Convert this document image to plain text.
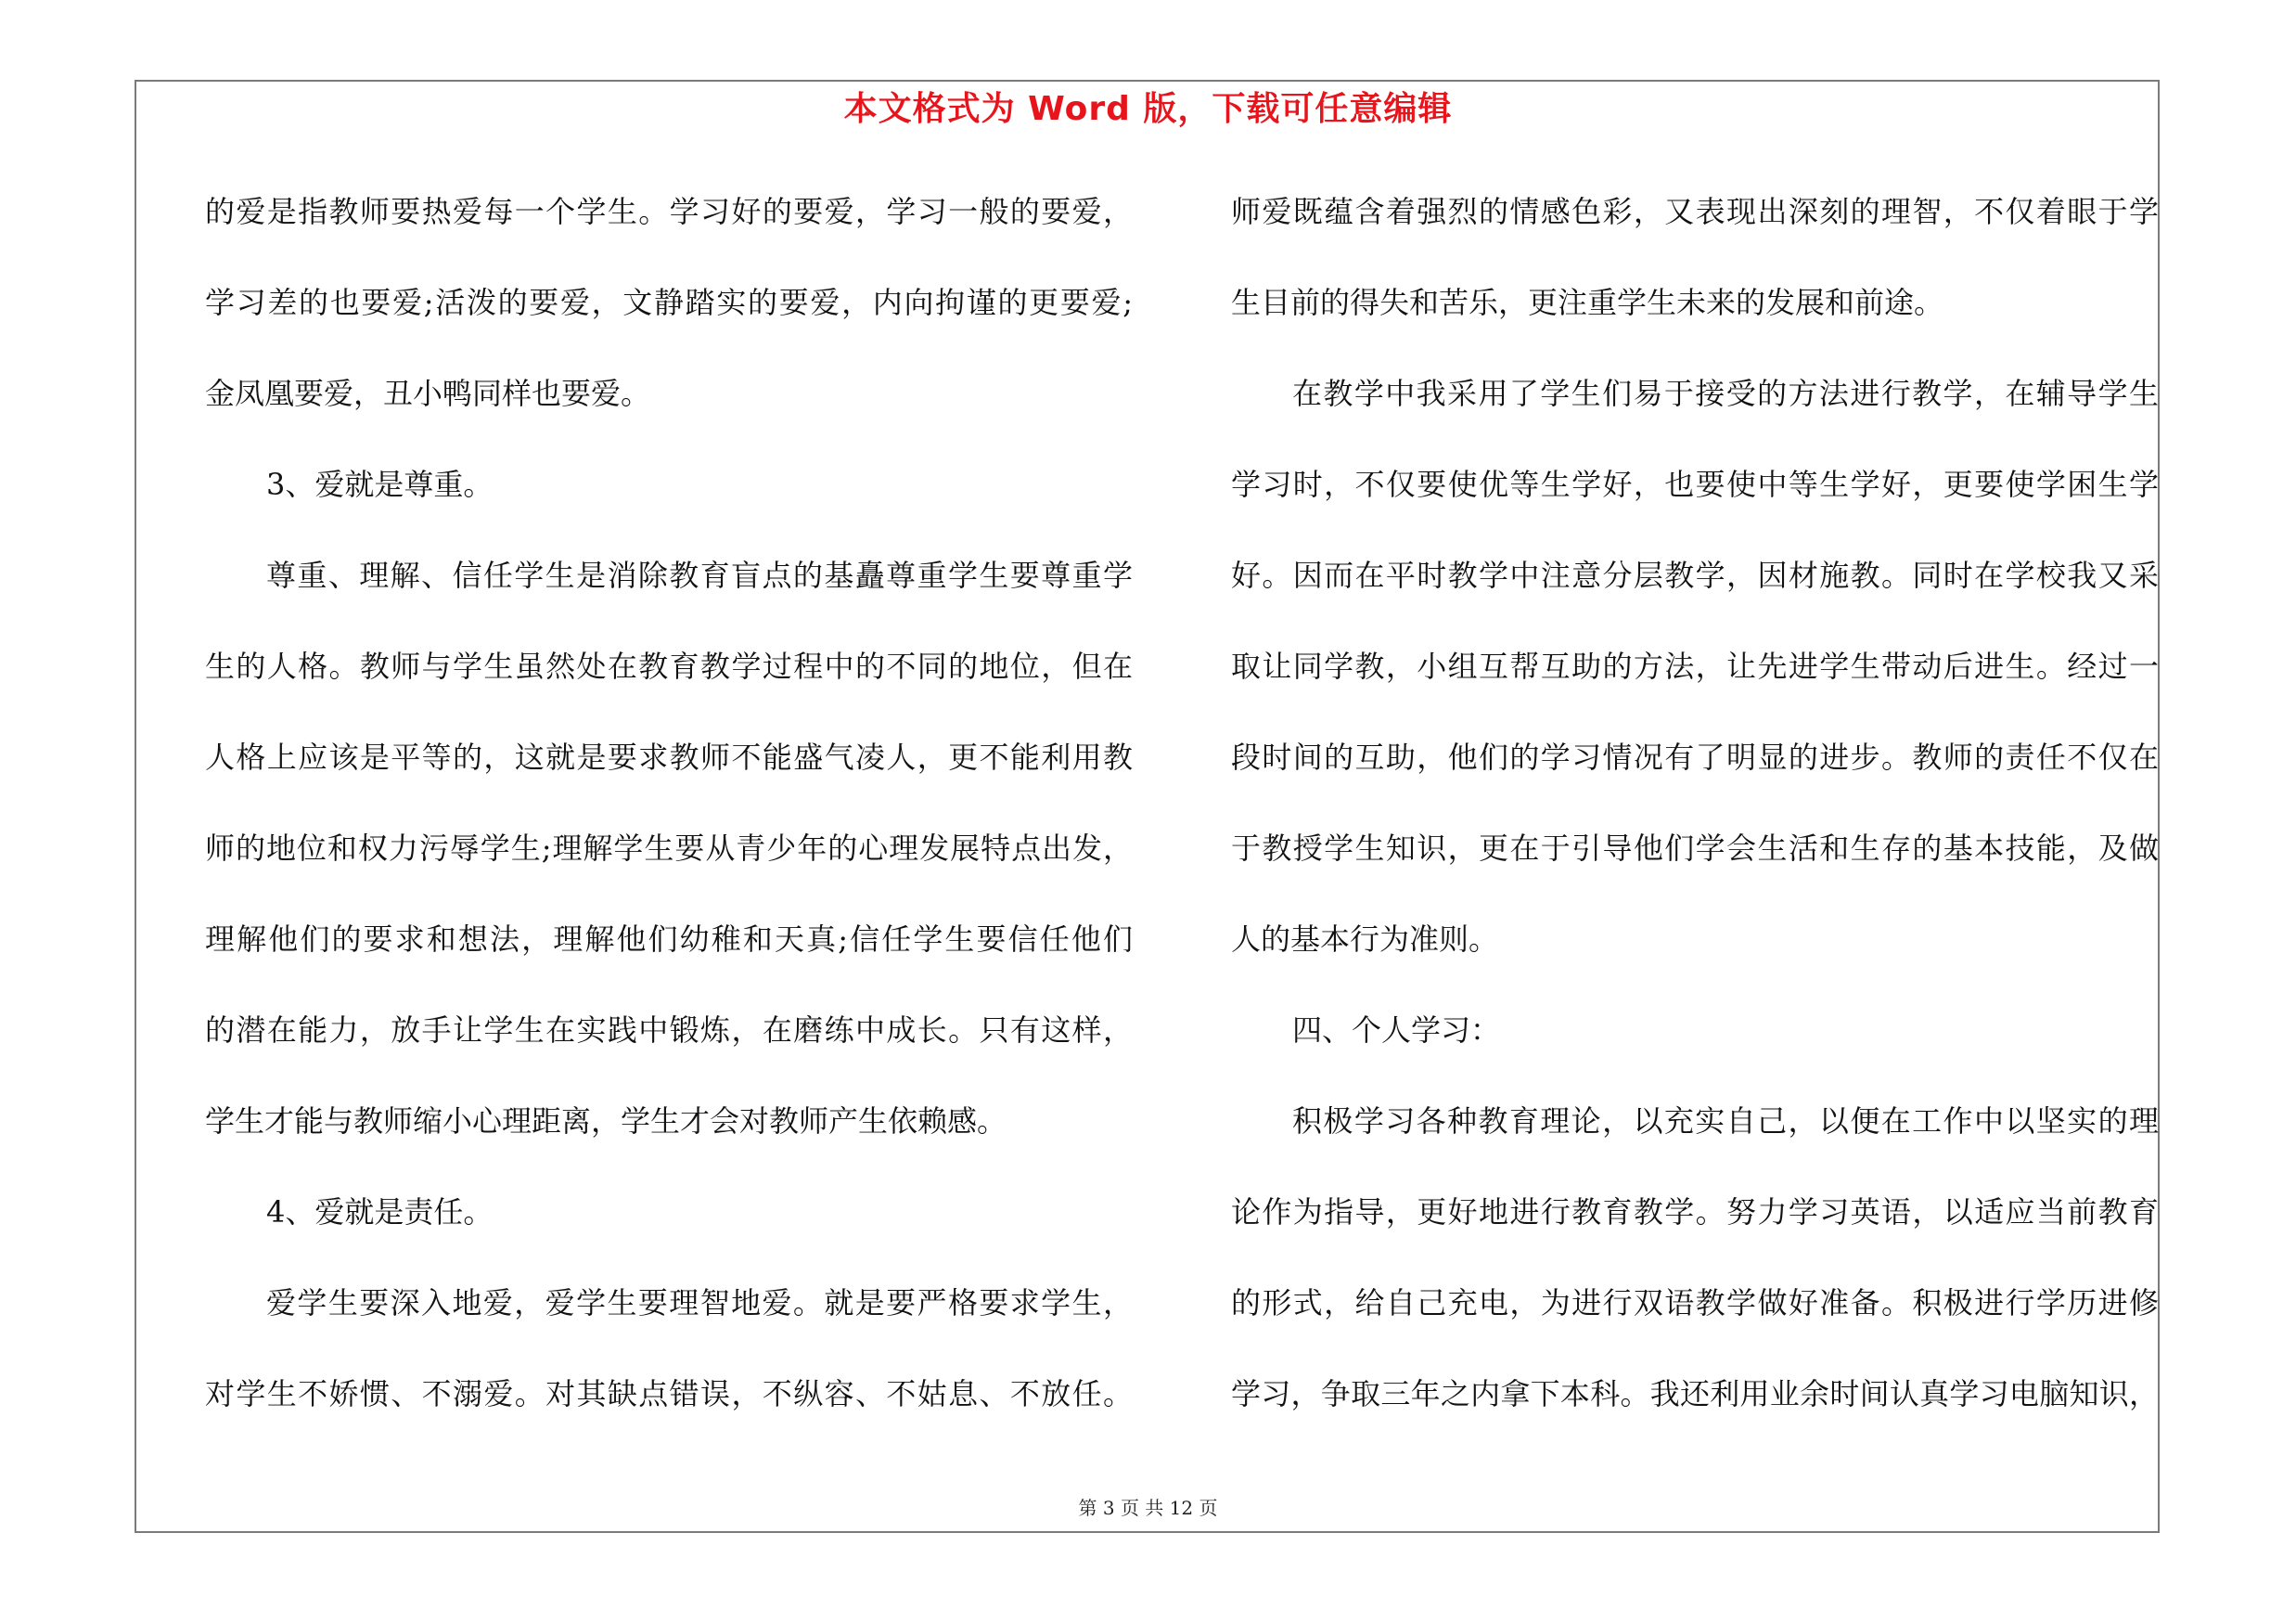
本文格式为 Word 版，下载可任意编辑
的爱是指教师要热爱每一个学生。学习好的要爱，学习一般的要爱，
学习差的也要爱;活泼的要爱，文静踏实的要爱，内向拘谨的更要爱;
金凤凰要爱，丑小鸭同样也要爱。
3、爱就是尊重。
尊重、理解、信任学生是消除教育盲点的基矗尊重学生要尊重学
生的人格。教师与学生虽然处在教育教学过程中的不同的地位，但在
人格上应该是平等的，这就是要求教师不能盛气凌人，更不能利用教
师的地位和权力污辱学生;理解学生要从青少年的心理发展特点出发，
理解他们的要求和想法，理解他们幼稚和天真;信任学生要信任他们
的潜在能力，放手让学生在实践中锻炼，在磨练中成长。只有这样，
学生才能与教师缩小心理距离，学生才会对教师产生依赖感。
4、爱就是责任。
爱学生要深入地爱，爱学生要理智地爱。就是要严格要求学生，
对学生不娇惯、不溺爱。对其缺点错误，不纵容、不姑息、不放任。
师爱既蕴含着强烈的情感色彩，又表现出深刻的理智，不仅着眼于学
生目前的得失和苦乐，更注重学生未来的发展和前途。
在教学中我采用了学生们易于接受的方法进行教学，在辅导学生
学习时，不仅要使优等生学好，也要使中等生学好，更要使学困生学
好。因而在平时教学中注意分层教学，因材施教。同时在学校我又采
取让同学教，小组互帮互助的方法，让先进学生带动后进生。经过一
段时间的互助，他们的学习情况有了明显的进步。教师的责任不仅在
于教授学生知识，更在于引导他们学会生活和生存的基本技能，及做
人的基本行为准则。
四、个人学习：
积极学习各种教育理论，以充实自己，以便在工作中以坚实的理
论作为指导，更好地进行教育教学。努力学习英语，以适应当前教育
的形式，给自己充电，为进行双语教学做好准备。积极进行学历进修
学习，争取三年之内拿下本科。我还利用业余时间认真学习电脑知识，
第 3 页 共 12 页
